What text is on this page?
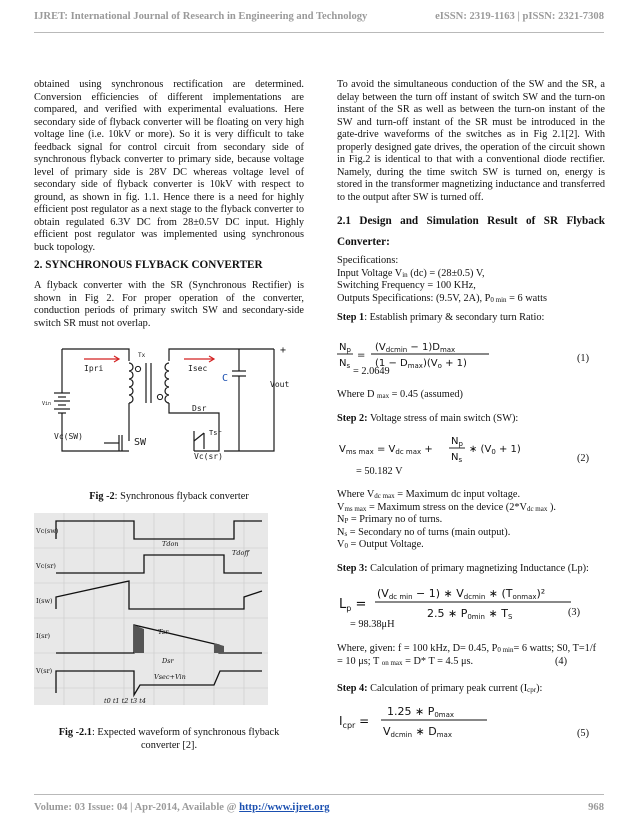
IJRET: International Journal of Research in Engineering and Technology	eISSN: 2319-1163 | pISSN: 2321-7308
obtained using synchronous rectification are determined. Conversion efficiencies of different implementations are compared, and verified with experimental evaluations. Here secondary side of flyback converter will be floating on very high voltage line (i.e. 10kV or more). So it is very difficult to take feedback signal for control circuit from secondary side of synchronous flyback converter to primary side, because voltage level of primary side is 28V DC whereas voltage level of secondary side of flyback converter is 10kV with respect to ground, as shown in fig. 1.1. Hence there is a need for highly efficient post regulator as a next stage to the flyback converter to obtain regulated 6.3V DC from 28±0.5V DC input. Highly efficient post regulator was implemented using synchronous buck topology.
2. SYNCHRONOUS FLYBACK CONVERTER
A flyback converter with the SR (Synchronous Rectifier) is shown in Fig 2. For proper operation of the converter, conduction periods of primary switch SW and secondary-side switch SR must not overlap.
Ipri
Tx
Isec
+
C
Vout
Vin	Dsr
Tsr
Vc(SW)
SW
Vc(sr)
Fig -2: Synchronous flyback converter
Vc(sw)
Vc(sr)
I(sw)
I(sr)
V(sr)
Tdon
Tdoff
Tsr
Dsr
Vsec+Vin
t0 t1 t2 t3 t4
Fig -2.1: Expected waveform of synchronous flyback converter [2].
To avoid the simultaneous conduction of the SW and the SR, a delay between the turn off instant of switch SW and the turn-on instant of the SR as well as between the turn-on instant of the SW and turn-off instant of the SR must be introduced in the gate-drive waveforms of the switches as in Fig 2.1[2]. With properly designed gate drives, the operation of the circuit shown in Fig.2 is identical to that with a conventional diode rectifier. Namely, during the time switch SW is turned on, energy is stored in the transformer magnetizing inductance and transferred to the output after SW is turned off.
2.1 Design and Simulation Result of SR Flyback Converter:
Specifications:
Input Voltage $V_{in}$ (dc) = (28±0.5) V,
Switching Frequency = 100 KHz,
Outputs Specifications: (9.5V, 2A), $P_{0 min} = 6$ watts
Step 1: Establish primary & secondary turn Ratio:
$N_p$
$N_s$
=
$(V_{dcmin} - 1)D_{max}$
$(1 - D_{max})(V_o + 1)$	(1)
= 2.0649
Where D $_{max}$ = 0.45 (assumed)
Step 2: Voltage stress of main switch (SW):
$V_{ms max} = V_{dc max}$ +
$N_p$
$N_s$
∗ $(V_0 + 1)$
(2)
= 50.182 V
Where $V_{dc max}$ = Maximum dc input voltage.
$V_{ms max}$ = Maximum stress on the device ($2*V_{dc max}$ ).
$N_P$ = Primary no of turns.
$N_s$ = Secondary no of turns (main output).
$V_0$ = Output Voltage.
Step 3: Calculation of primary magnetizing Inductance (Lp):
$L_p$ =
(Vdc min − 1) ∗ Vdcmin ∗ (Tonmax)²
2.5 ∗ P0min ∗ TS	(3)
= 98.38μH
Where, given: f = 100 kHz, D= 0.45, $P_{0 min}= 6$ watts; S0, T=1/f
= 10 μs; T $_{on max}$ = D* T = 4.5 μs.	(4)
Step 4: Calculation of primary peak current $(I_{cpr})$:
$I_{cpr}$ =
1.25 ∗ P0max
Vdcmin ∗ Dmax	(5)
Volume: 03 Issue: 04 | Apr-2014, Available @ http://www.ijret.org	968
